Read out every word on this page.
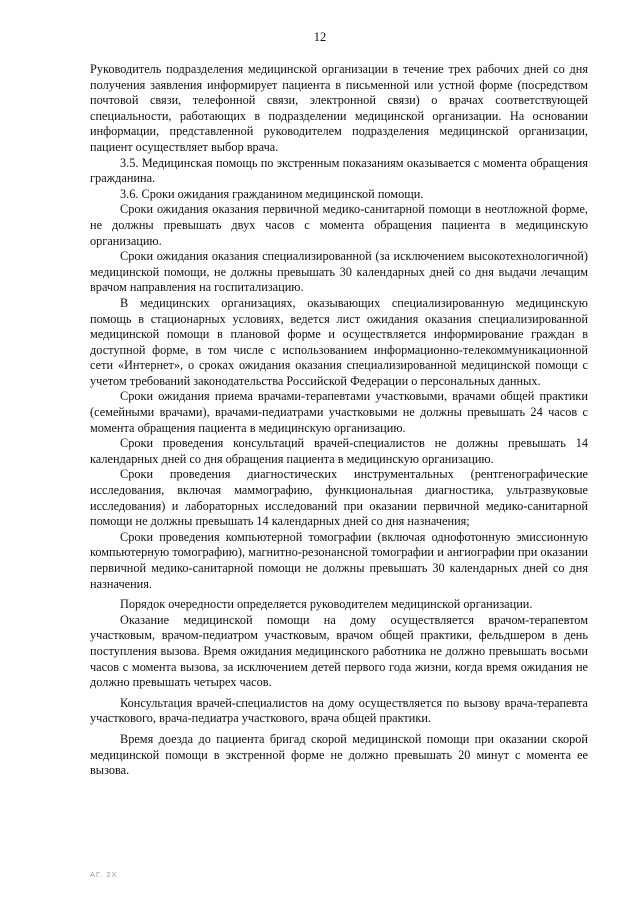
12

Руководитель подразделения медицинской организации в течение трех рабочих дней со дня получения заявления информирует пациента в письменной или устной форме (посредством почтовой связи, телефонной связи, электронной связи) о врачах соответствующей специальности, работающих в подразделении медицинской организации. На основании информации, представленной руководителем подразделения медицинской организации, пациент осуществляет выбор врача.

3.5. Медицинская помощь по экстренным показаниям оказывается с момента обращения гражданина.

3.6. Сроки ожидания гражданином медицинской помощи.

Сроки ожидания оказания первичной медико-санитарной помощи в неотложной форме, не должны превышать двух часов с момента обращения пациента в медицинскую организацию.

Сроки ожидания оказания специализированной (за исключением высокотехнологичной) медицинской помощи, не должны превышать 30 календарных дней со дня выдачи лечащим врачом направления на госпитализацию.

В медицинских организациях, оказывающих специализированную медицинскую помощь в стационарных условиях, ведется лист ожидания оказания специализированной медицинской помощи в плановой форме и осуществляется информирование граждан в доступной форме, в том числе с использованием информационно-телекоммуникационной сети «Интернет», о сроках ожидания оказания специализированной медицинской помощи с учетом требований законодательства Российской Федерации о персональных данных.

Сроки ожидания приема врачами-терапевтами участковыми, врачами общей практики (семейными врачами), врачами-педиатрами участковыми не должны превышать 24 часов с момента обращения пациента в медицинскую организацию.

Сроки проведения консультаций врачей-специалистов не должны превышать 14 календарных дней со дня обращения пациента в медицинскую организацию.

Сроки проведения диагностических инструментальных (рентгенографические исследования, включая маммографию, функциональная диагностика, ультразвуковые исследования) и лабораторных исследований при оказании первичной медико-санитарной помощи не должны превышать 14 календарных дней со дня назначения;

Сроки проведения компьютерной томографии (включая однофотонную эмиссионную компьютерную томографию), магнитно-резонансной томографии и ангиографии при оказании первичной медико-санитарной помощи не должны превышать 30 календарных дней со дня назначения.

Порядок очередности определяется руководителем медицинской организации.

Оказание медицинской помощи на дому осуществляется врачом-терапевтом участковым, врачом-педиатром участковым, врачом общей практики, фельдшером в день поступления вызова. Время ожидания медицинского работника не должно превышать восьми часов с момента вызова, за исключением детей первого года жизни, когда время ожидания не должно превышать четырех часов.

Консультация врачей-специалистов на дому осуществляется по вызову врача-терапевта участкового, врача-педиатра участкового, врача общей практики.

Время доезда до пациента бригад скорой медицинской помощи при оказании скорой медицинской помощи в экстренной форме не должно превышать 20 минут с момента ее вызова.

АГ. 2Х
